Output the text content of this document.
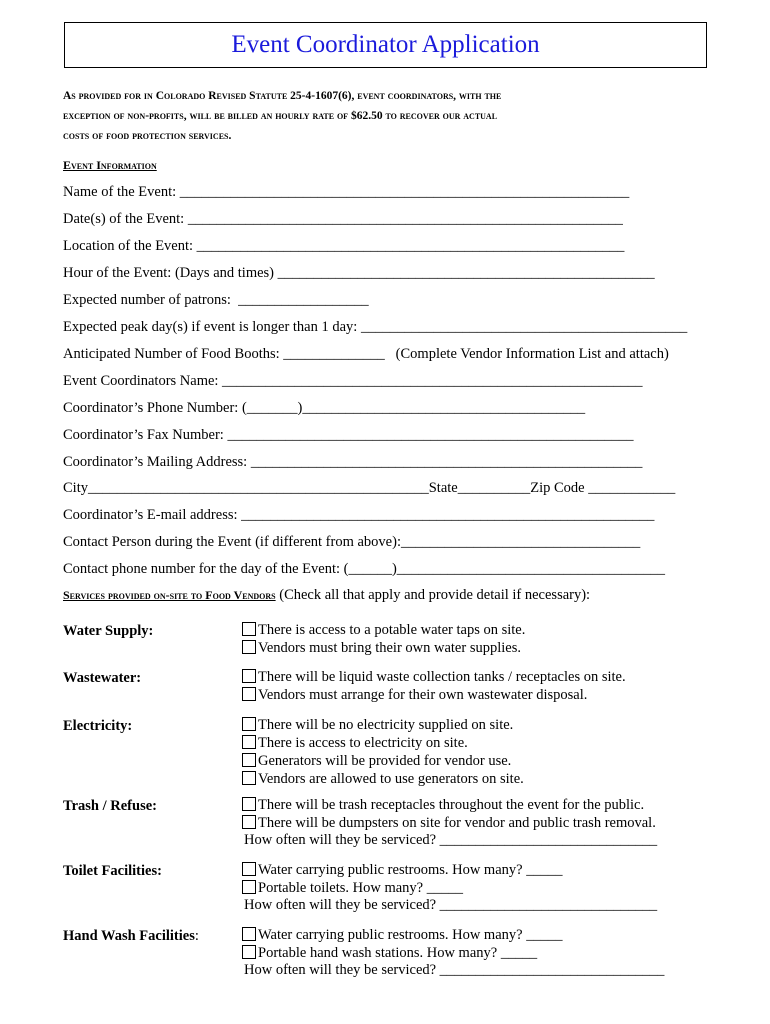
Event Coordinator Application
As provided for in Colorado Revised Statute 25-4-1607(6), event coordinators, with the
exception of non-profits, will be billed an hourly rate of $62.50 to recover our actual
costs of food protection services.
Event Information
Name of the Event: ______________________________________________________________
Date(s) of the Event: ____________________________________________________________
Location of the Event: ___________________________________________________________
Hour of the Event: (Days and times) ____________________________________________________
Expected number of patrons:  __________________
Expected peak day(s) if event is longer than 1 day: _____________________________________________
Anticipated Number of Food Booths: ______________   (Complete Vendor Information List and attach)
Event Coordinators Name: __________________________________________________________
Coordinator’s Phone Number: (_______)_______________________________________
Coordinator’s Fax Number: ________________________________________________________
Coordinator’s Mailing Address: ______________________________________________________
City_______________________________________________State__________Zip Code ____________
Coordinator’s E-mail address: _________________________________________________________
Contact Person during the Event (if different from above):_________________________________
Contact phone number for the day of the Event: (______)_____________________________________
Services provided on-site to Food Vendors (Check all that apply and provide detail if necessary):
Water Supply:	There is access to a potable water taps on site.
Vendors must bring their own water supplies.
Wastewater:	There will be liquid waste collection tanks / receptacles on site.
Vendors must arrange for their own wastewater disposal.
Electricity:	There will be no electricity supplied on site.
There is access to electricity on site.
Generators will be provided for vendor use.
Vendors are allowed to use generators on site.
Trash / Refuse:	There will be trash receptacles throughout the event for the public.
There will be dumpsters on site for vendor and public trash removal.
How often will they be serviced? ______________________________
Toilet Facilities:	Water carrying public restrooms. How many? _____
Portable toilets. How many? _____
How often will they be serviced? ______________________________
Hand Wash Facilities:	Water carrying public restrooms. How many? _____
Portable hand wash stations. How many? _____
How often will they be serviced? _______________________________
